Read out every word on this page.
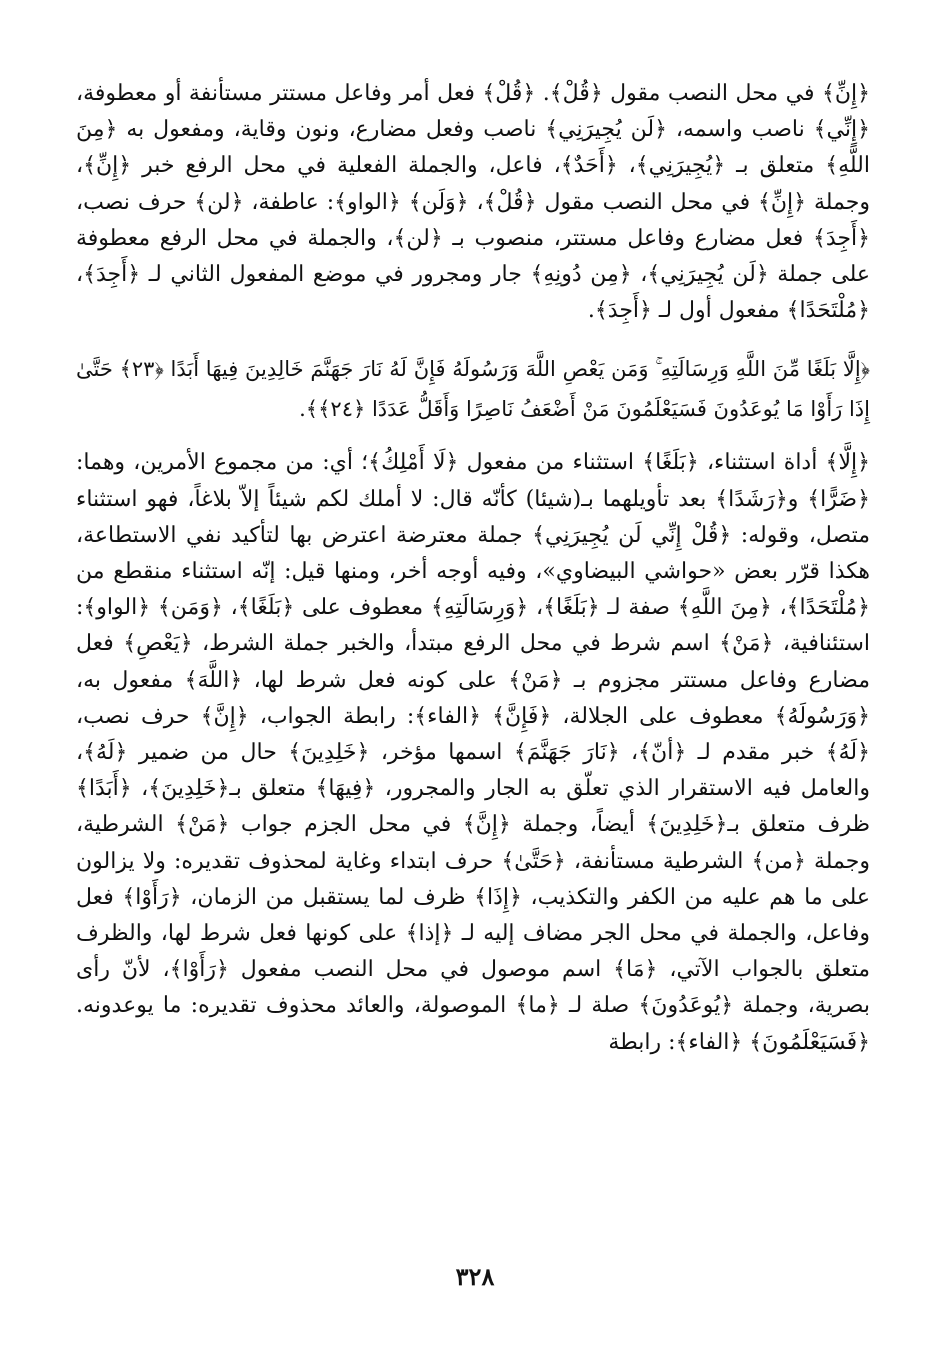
﴿إِنِّ﴾ في محل النصب مقول ﴿قُلْ﴾. ﴿قُلْ﴾ فعل أمر وفاعل مستتر مستأنفة أو معطوفة، ﴿إِنِّي﴾ ناصب واسمه، ﴿لَن يُجِيرَنِي﴾ ناصب وفعل مضارع، ونون وقاية، ومفعول به ﴿مِنَ اللَّهِ﴾ متعلق بـ ﴿يُجِيرَنِي﴾، ﴿أَحَدٌ﴾، فاعل، والجملة الفعلية في محل الرفع خبر ﴿إِنِّ﴾، وجملة ﴿إِنِّ﴾ في محل النصب مقول ﴿قُلْ﴾، ﴿وَلَن﴾ ﴿الواو﴾: عاطفة، ﴿لن﴾ حرف نصب، ﴿أَجِدَ﴾ فعل مضارع وفاعل مستتر، منصوب بـ ﴿لن﴾، والجملة في محل الرفع معطوفة على جملة ﴿لَن يُجِيرَنِي﴾، ﴿مِن دُونِهِ﴾ جار ومجرور في موضع المفعول الثاني لـ ﴿أَجِدَ﴾، ﴿مُلْتَحَدًا﴾ مفعول أول لـ ﴿أَجِدَ﴾.

﴿إِلَّا بَلَغًا مِّنَ اللَّهِ وَرِسَالَتِهِ ۚ وَمَن يَعْصِ اللَّهَ وَرَسُولَهُ فَإِنَّ لَهُ نَارَ جَهَنَّمَ خَالِدِينَ فِيهَا أَبَدًا ﴿٢٣﴾ حَتَّىٰ إِذَا رَأَوْا مَا يُوعَدُونَ فَسَيَعْلَمُونَ مَنْ أَضْعَفُ نَاصِرًا وَأَقَلُّ عَدَدًا ﴿٢٤﴾﴾.

﴿إِلَّا﴾ أداة استثناء، ﴿بَلَغًا﴾ استثناء من مفعول ﴿لَا أَمْلِكُ﴾؛ أي: من مجموع الأمرين، وهما: ﴿ضَرًّا﴾ و﴿رَشَدًا﴾ بعد تأويلهما بـ(شيئا) كأنّه قال: لا أملك لكم شيئاً إلاّ بلاغاً، فهو استثناء متصل، وقوله: ﴿قُلْ إِنِّي لَن يُجِيرَنِي﴾ جملة معترضة اعترض بها لتأكيد نفي الاستطاعة، هكذا قرّر بعض «حواشي البيضاوي»، وفيه أوجه أخر، ومنها قيل: إنّه استثناء منقطع من ﴿مُلْتَحَدًا﴾، ﴿مِنَ اللَّهِ﴾ صفة لـ ﴿بَلَغًا﴾، ﴿وَرِسَالَتِهِ﴾ معطوف على ﴿بَلَغًا﴾، ﴿وَمَن﴾ ﴿الواو﴾: استئنافية، ﴿مَنْ﴾ اسم شرط في محل الرفع مبتدأ، والخبر جملة الشرط، ﴿يَعْصِ﴾ فعل مضارع وفاعل مستتر مجزوم بـ ﴿مَنْ﴾ على كونه فعل شرط لها، ﴿اللَّهَ﴾ مفعول به، ﴿وَرَسُولَهُ﴾ معطوف على الجلالة، ﴿فَإِنَّ﴾ ﴿الفاء﴾: رابطة الجواب، ﴿إِنَّ﴾ حرف نصب، ﴿لَهُ﴾ خبر مقدم لـ ﴿أنّ﴾، ﴿نَارَ جَهَنَّمَ﴾ اسمها مؤخر، ﴿خَلِدِينَ﴾ حال من ضمير ﴿لَهُ﴾، والعامل فيه الاستقرار الذي تعلّق به الجار والمجرور، ﴿فِيهَا﴾ متعلق بـ﴿خَلِدِينَ﴾، ﴿أَبَدًا﴾ ظرف متعلق بـ﴿خَلِدِينَ﴾ أيضاً، وجملة ﴿إِنَّ﴾ في محل الجزم جواب ﴿مَنْ﴾ الشرطية، وجملة ﴿من﴾ الشرطية مستأنفة، ﴿حَتَّىٰ﴾ حرف ابتداء وغاية لمحذوف تقديره: ولا يزالون على ما هم عليه من الكفر والتكذيب، ﴿إِذَا﴾ ظرف لما يستقبل من الزمان، ﴿رَأَوْا﴾ فعل وفاعل، والجملة في محل الجر مضاف إليه لـ ﴿إذا﴾ على كونها فعل شرط لها، والظرف متعلق بالجواب الآتي، ﴿مَا﴾ اسم موصول في محل النصب مفعول ﴿رَأَوْا﴾، لأنّ رأى بصرية، وجملة ﴿يُوعَدُونَ﴾ صلة لـ ﴿ما﴾ الموصولة، والعائد محذوف تقديره: ما يوعدونه. ﴿فَسَيَعْلَمُونَ﴾ ﴿الفاء﴾: رابطة

٣٢٨
